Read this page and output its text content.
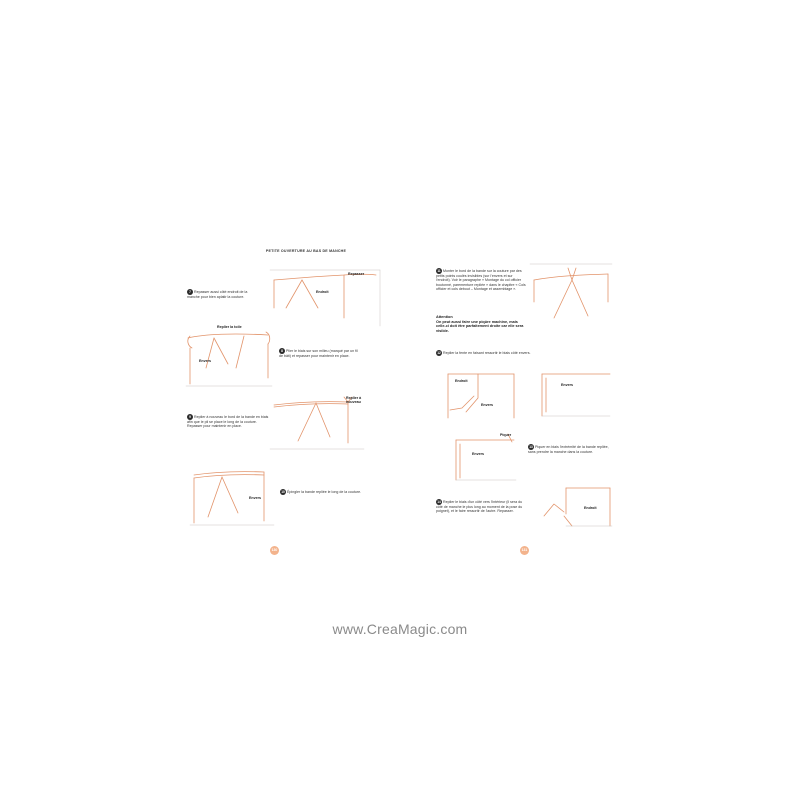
PETITE OUVERTURE AU BAS DE MANCHE
Repasser
Endroit
7 Repasser aussi côté endroit de la manche pour bien aplatir la couture.
Replier la toile
Envers
8 Plier le biais sur son milieu (marqué par un fil de bâti) et repasser pour maintenir en place.
Replier à nouveau
9 Replier à nouveau le bord de la bande en biais afin que le pli se place le long de la couture. Repasser pour maintenir en place.
Envers
10 Épingler la bande repliée le long de la couture.
130
11 Monter le bord de la bande sur la couture par des petits points coulés invisibles (sur l'envers et sur l'endroit). Voir le paragraphe « Montage du col officier boutonné, parementure repliée » dans le chapitre « Cols officier et cols debout – Montage et assemblage ».
Attention
On peut aussi faire une piqûre machine, mais celle-ci doit être parfaitement droite car elle sera visible.
12 Replier la fente en faisant ressortir le biais côté envers.
Endroit
Envers
Envers
Piquer
Envers
13 Piquer en biais l'extrémité de la bande repliée, sans prendre la manche dans la couture.
14 Replier le biais d'un côté vers l'intérieur (il sera du côté de manche le plus long au moment de la pose du poignet), et le faire ressortir de l'autre. Repasser.
Endroit
131
www.CreaMagic.com
